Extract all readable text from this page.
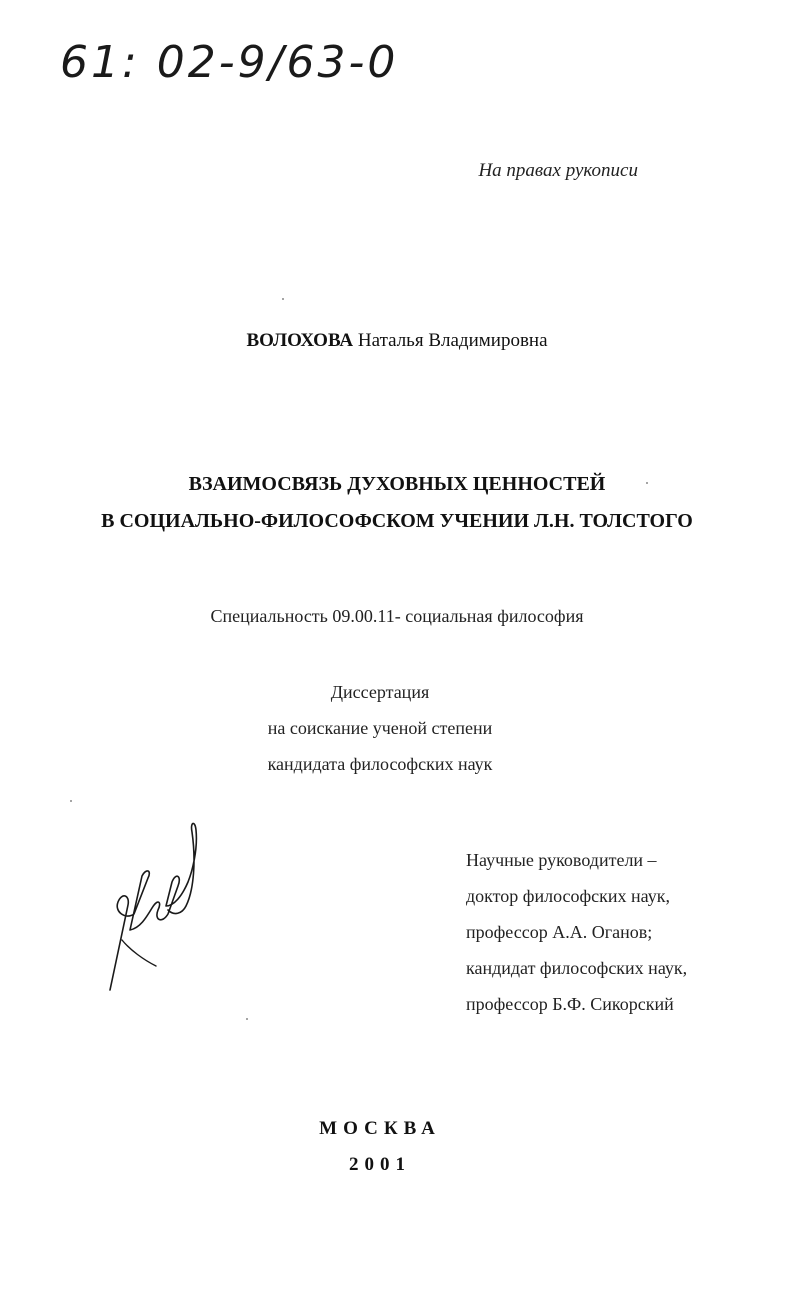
61: 02-9/63-0
На правах рукописи
ВОЛОХОВА Наталья Владимировна
ВЗАИМОСВЯЗЬ ДУХОВНЫХ ЦЕННОСТЕЙ
В СОЦИАЛЬНО-ФИЛОСОФСКОМ УЧЕНИИ Л.Н. ТОЛСТОГО
Специальность 09.00.11- социальная философия
Диссертация
на соискание ученой степени
кандидата философских наук
Научные руководители –
доктор философских наук,
профессор А.А. Оганов;
кандидат философских наук,
профессор Б.Ф. Сикорский
МОСКВА
2001
